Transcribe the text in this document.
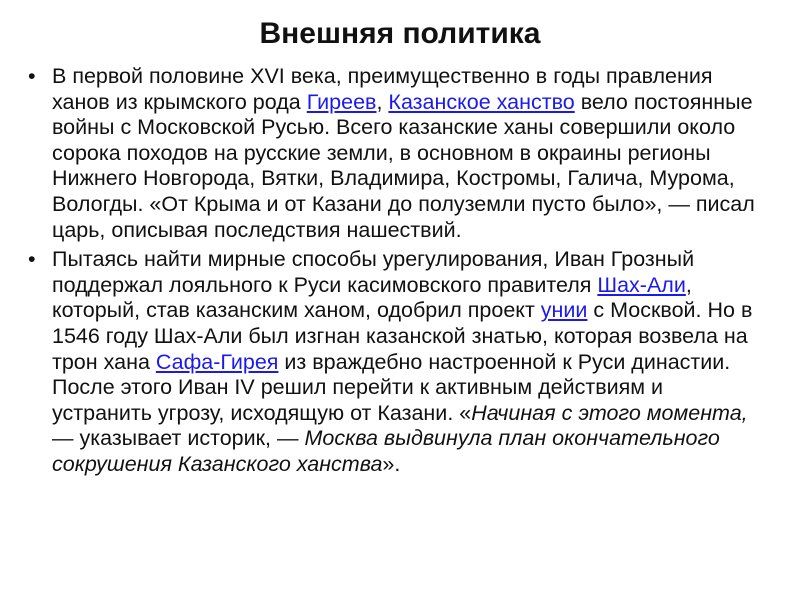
Внешняя политика
• В первой половине XVI века, преимущественно в годы правления ханов из крымского рода Гиреев, Казанское ханство вело постоянные войны с Московской Русью. Всего казанские ханы совершили около сорока походов на русские земли, в основном в окраины регионы Нижнего Новгорода, Вятки, Владимира, Костромы, Галича, Мурома, Вологды. «От Крыма и от Казани до полуземли пусто было», — писал царь, описывая последствия нашествий.
• Пытаясь найти мирные способы урегулирования, Иван Грозный поддержал лояльного к Руси касимовского правителя Шах-Али, который, став казанским ханом, одобрил проект унии с Москвой. Но в 1546 году Шах-Али был изгнан казанской знатью, которая возвела на трон хана Сафа-Гирея из враждебно настроенной к Руси династии. После этого Иван IV решил перейти к активным действиям и устранить угрозу, исходящую от Казани. «Начиная с этого момента,— указывает историк, — Москва выдвинула план окончательного сокрушения Казанского ханства».
